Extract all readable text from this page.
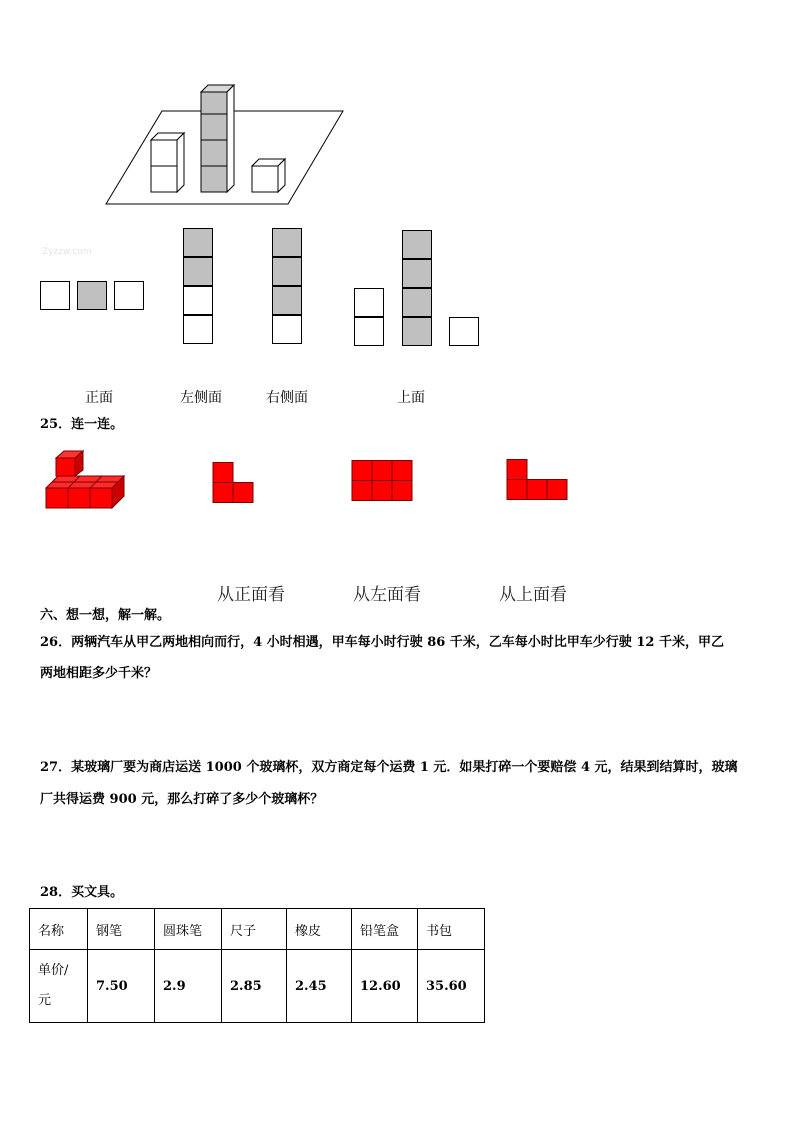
Zyzzw.com
正面	左侧面	右侧面	上面
25．连一连。
从正面看	从左面看	从上面看
六、想一想，解一解。
26．两辆汽车从甲乙两地相向而行，4 小时相遇，甲车每小时行驶 86 千米，乙车每小时比甲车少行驶 12 千米，甲乙
两地相距多少千米？
27．某玻璃厂要为商店运送 1000 个玻璃杯，双方商定每个运费 1 元．如果打碎一个要赔偿 4 元，结果到结算时，玻璃
厂共得运费 900 元，那么打碎了多少个玻璃杯？
28．买文具。
名称	钢笔	圆珠笔	尺子	橡皮	铅笔盒	书包
单价/
元	7.50	2.9	2.85	2.45	12.60	35.60
